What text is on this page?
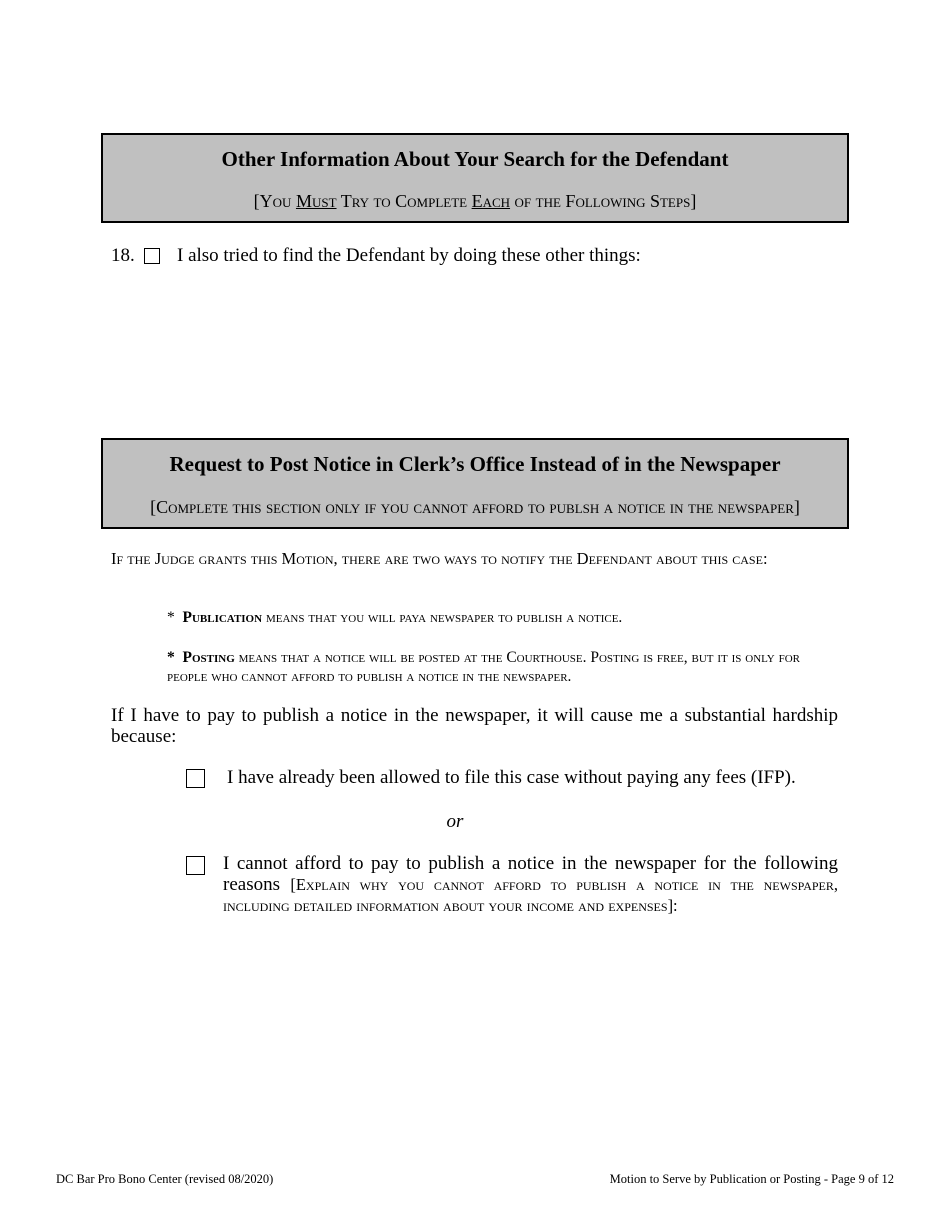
Other Information About Your Search for the Defendant
[You Must Try to Complete Each of the Following Steps]
18. I also tried to find the Defendant by doing these other things:
Request to Post Notice in Clerk’s Office Instead of in the Newspaper
[Complete this section only if you cannot afford to publsh a notice in the newspaper]
If the Judge grants this Motion, there are two ways to notify the Defendant about this case:
* Publication means that you will paya newspaper to publish a notice.
* Posting means that a notice will be posted at the Courthouse. Posting is free, but it is only for people who cannot afford to publish a notice in the newspaper.
If I have to pay to publish a notice in the newspaper, it will cause me a substantial hardship because:
I have already been allowed to file this case without paying any fees (IFP).
or
I cannot afford to pay to publish a notice in the newspaper for the following reasons [Explain why you cannot afford to publish a notice in the newspaper, including detailed information about your income and expenses]:
DC Bar Pro Bono Center (revised 08/2020)	Motion to Serve by Publication or Posting - Page 9 of 12
